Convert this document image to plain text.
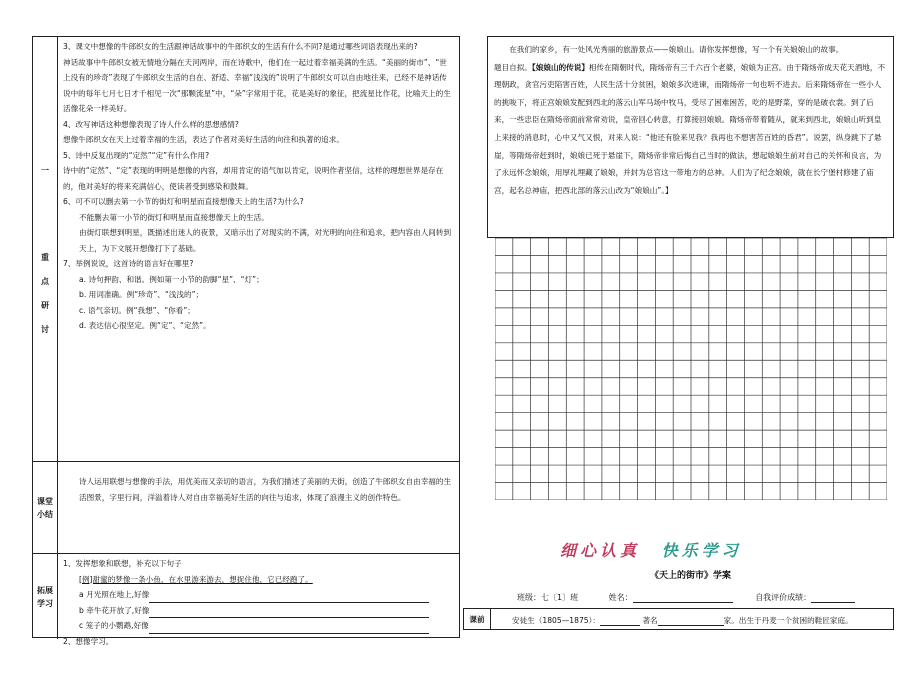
一
重
点
研
讨

3、课文中想像的牛郎织女的生活跟神话故事中的牛郎织女的生活有什么不同?是通过哪些词语表现出来的?

神话故事中牛郎织女被无情地分隔在天河两岸，而在诗歌中，他们在一起过着幸福美满的生活。“美丽的街市”、“世上没有的珍奇”表现了牛郎织女生活的自在、舒适、幸福“浅浅的”说明了牛郎织女可以自由地往来，已经不是神话传说中的每年七月七日才千相见一次“那颗流星”中，“朵”字常用于花，花是美好的象征，把流星比作花，比喻天上的生活像花朵一样美好。

4、改写神话这种想像表现了诗人什么样的思想感情?

想像牛郎织女在天上过着幸福的生活，表达了作者对美好生活的向往和执著的追求。

5、诗中反复出现的“定然”“定”有什么作用?

诗中的“定然”、“定”表现的明明是想像的内容，却用肯定的语气加以肯定，说明作者坚信，这样的理想世界是存在的，他对美好的将来充满信心，使读者受到感染和鼓舞。

6、可不可以删去第一小节的街灯和明星而直接想像天上的生活?为什么?

不能删去第一小节的街灯和明星而直接想像天上的生活。

由街灯联想到明星，既描述出迷人的夜景，又暗示出了对现实的不满，对光明的向往和追求，把内容由人间转到天上，为下文展开想像打下了基础。

7、举例说说，这首诗的语言好在哪里?

a. 诗句押韵、和谐。例如第一小节的韵脚“星”、“灯”；

b. 用词准确。例“珍奇”、“浅浅的”；

c. 语气亲切。例“我想”、“你看”；

d. 表达信心很坚定。例“定”、“定然”。

课堂
小结

诗人运用联想与想像的手法，用优美而又亲切的语言，为我们描述了美丽的天街，创造了牛郎织女自由幸福的生活图景，字里行间，洋溢着诗人对自由幸福美好生活的向往与追求，体现了浪漫主义的创作特色。

拓展
学习

1、发挥想象和联想，补充以下句子

[例]甜蜜的梦像一条小鱼，在水里游来游去，想捉住他，它已经跑了。

a 月光照在地上,好像

b 牵牛花开放了,好像

c 笼子的小鹦鹉,好像

2、想像学习。

在我们的家乡，有一处风光秀丽的旅游景点——娘娘山。请你发挥想像，写一个有关娘娘山的故事。

题目自拟。【娘娘山的传说】相传在隋朝时代，隋炀帝有三千六百个老婆，娘娘为正宫。由于隋炀帝成天花天酒地，不理朝政，贪官污吏陷害百姓，人民生活十分贫困，娘娘多次进谏，而隋炀帝一句也听不进去。后来隋炀帝在一些小人的挑唆下，将正宫娘娘发配到西北的落云山军马场中牧马，受尽了困难困苦，吃的是野菜，穿的是破衣裳。到了后来，一些忠臣在隋炀帝面前常常劝说，皇帝回心转意，打算接回娘娘。隋炀帝带着随从，就来到西北，娘娘山听到皇上来接的消息时，心中又气又恨，对来人说：“他还有脸来见我？我再也不想害苦百姓的昏君”。说罢，纵身跳下了悬崖，等隋炀帝赶到时，娘娘已死于悬崖下，隋炀帝非常后悔自己当时的做法，想起娘娘生前对自己的关怀和良言，为了永远怀念娘娘，用厚礼埋藏了娘娘，并封为总官这一带地方的总神。人们为了纪念娘娘，就在长宁堡村修建了庙宫，起名总神庙，把西北部的落云山改为“娘娘山”。】

细心认真 快乐学习
《天上的街市》学案
班级：七〔1〕班	姓名：	自我评价成绩：
课前	安徒生（1805—1875）：	著名	家。出生于丹麦一个贫困的鞋匠家庭。
